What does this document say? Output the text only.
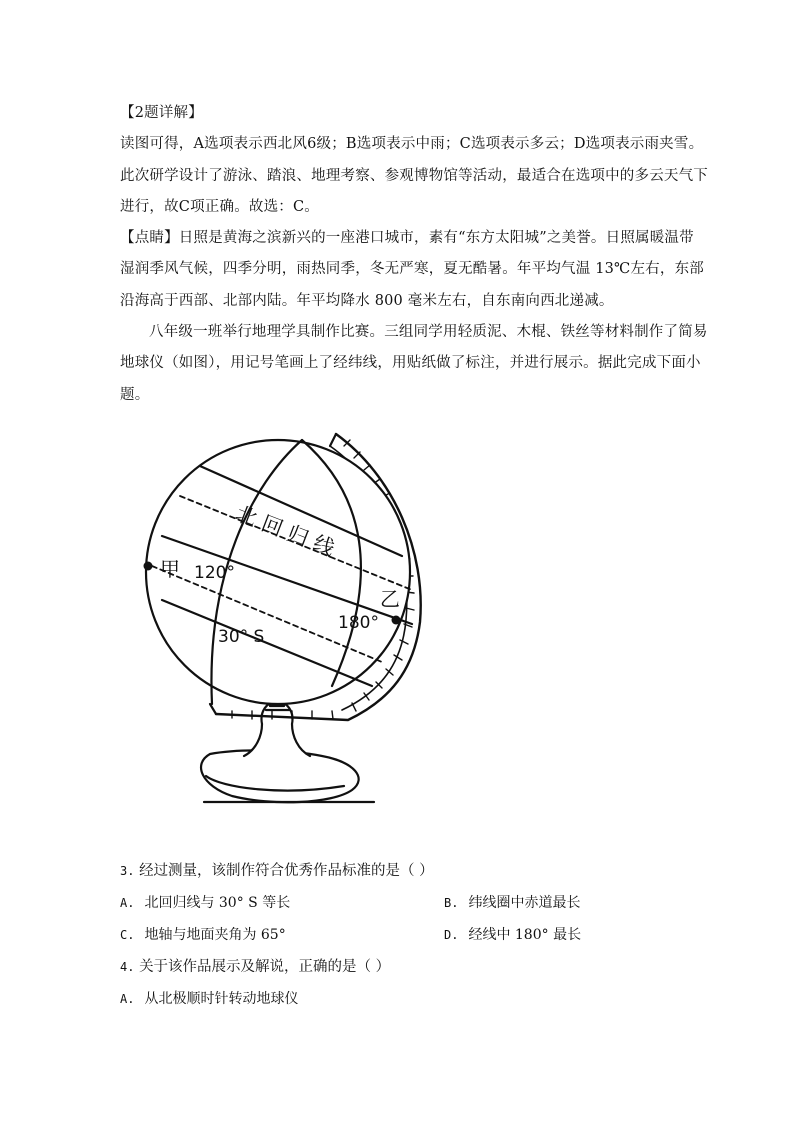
【2题详解】
读图可得，A选项表示西北风6级；B选项表示中雨；C选项表示多云；D选项表示雨夹雪。
此次研学设计了游泳、踏浪、地理考察、参观博物馆等活动，最适合在选项中的多云天气下
进行，故C项正确。故选：C。
【点睛】日照是黄海之滨新兴的一座港口城市，素有“东方太阳城”之美誉。日照属暖温带
湿润季风气候，四季分明，雨热同季，冬无严寒，夏无酷暑。年平均气温 13℃左右，东部
沿海高于西部、北部内陆。年平均降水 800 毫米左右，自东南向西北递减。
八年级一班举行地理学具制作比赛。三组同学用轻质泥、木棍、铁丝等材料制作了简易
地球仪（如图），用记号笔画上了经纬线，用贴纸做了标注，并进行展示。据此完成下面小
题。
北 回 归 线
甲 120°
乙
180°
30° S
3. 经过测量，该制作符合优秀作品标准的是（ ）
A. 北回归线与 30° S 等长	B. 纬线圈中赤道最长
C. 地轴与地面夹角为 65°	D. 经线中 180° 最长
4. 关于该作品展示及解说，正确的是（ ）
A. 从北极顺时针转动地球仪
